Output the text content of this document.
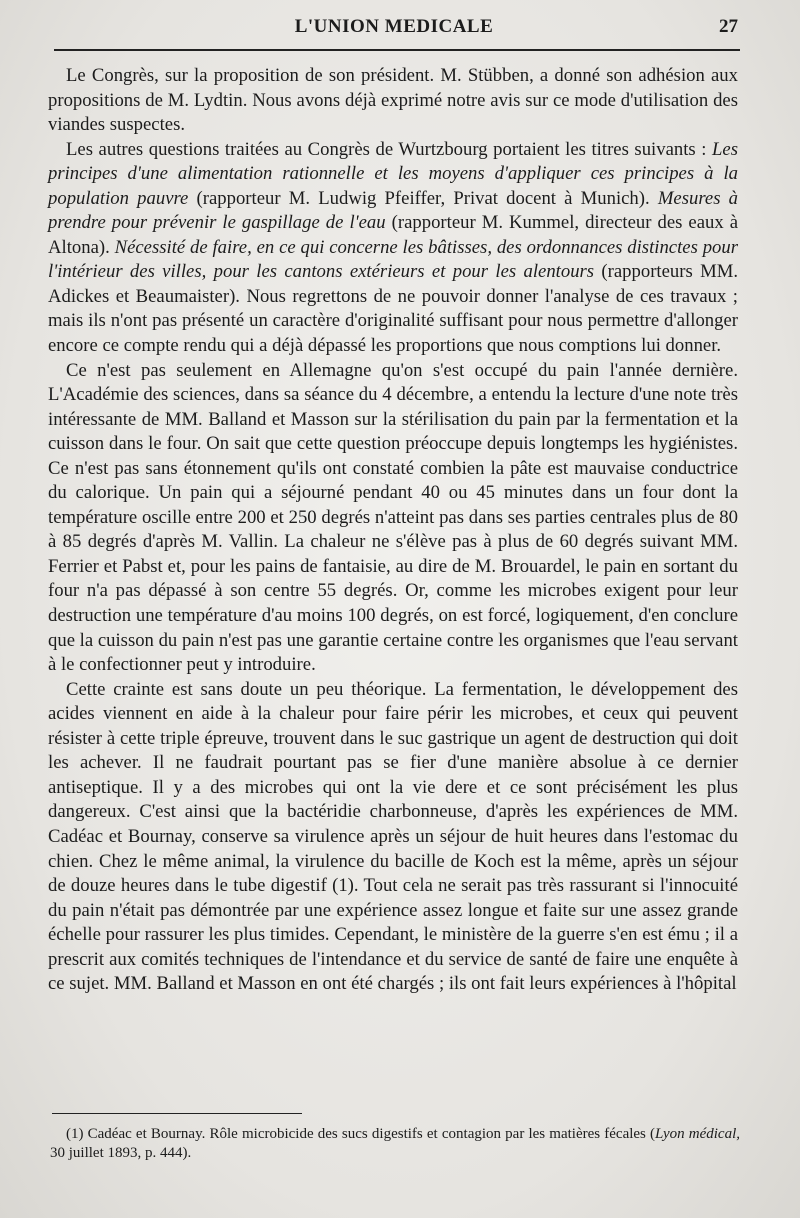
L'UNION MEDICALE	27

Le Congrès, sur la proposition de son président. M. Stübben, a donné son adhésion aux propositions de M. Lydtin. Nous avons déjà exprimé notre avis sur ce mode d'utilisation des viandes suspectes.

Les autres questions traitées au Congrès de Wurtzbourg portaient les titres suivants : Les principes d'une alimentation rationnelle et les moyens d'appliquer ces principes à la population pauvre (rapporteur M. Ludwig Pfeiffer, Privat docent à Munich). Mesures à prendre pour prévenir le gaspillage de l'eau (rapporteur M. Kummel, directeur des eaux à Altona). Nécessité de faire, en ce qui concerne les bâtisses, des ordonnances distinctes pour l'intérieur des villes, pour les cantons extérieurs et pour les alentours (rapporteurs MM. Adickes et Beaumaister). Nous regrettons de ne pouvoir donner l'analyse de ces travaux ; mais ils n'ont pas présenté un caractère d'originalité suffisant pour nous permettre d'allonger encore ce compte rendu qui a déjà dépassé les proportions que nous comptions lui donner.

Ce n'est pas seulement en Allemagne qu'on s'est occupé du pain l'année dernière. L'Académie des sciences, dans sa séance du 4 décembre, a entendu la lecture d'une note très intéressante de MM. Balland et Masson sur la stérilisation du pain par la fermentation et la cuisson dans le four. On sait que cette question préoccupe depuis longtemps les hygiénistes. Ce n'est pas sans étonnement qu'ils ont constaté combien la pâte est mauvaise conductrice du calorique. Un pain qui a séjourné pendant 40 ou 45 minutes dans un four dont la température oscille entre 200 et 250 degrés n'atteint pas dans ses parties centrales plus de 80 à 85 degrés d'après M. Vallin. La chaleur ne s'élève pas à plus de 60 degrés suivant MM. Ferrier et Pabst et, pour les pains de fantaisie, au dire de M. Brouardel, le pain en sortant du four n'a pas dépassé à son centre 55 degrés. Or, comme les microbes exigent pour leur destruction une température d'au moins 100 degrés, on est forcé, logiquement, d'en conclure que la cuisson du pain n'est pas une garantie certaine contre les organismes que l'eau servant à le confectionner peut y introduire.

Cette crainte est sans doute un peu théorique. La fermentation, le développement des acides viennent en aide à la chaleur pour faire périr les microbes, et ceux qui peuvent résister à cette triple épreuve, trouvent dans le suc gastrique un agent de destruction qui doit les achever. Il ne faudrait pourtant pas se fier d'une manière absolue à ce dernier antiseptique. Il y a des microbes qui ont la vie dere et ce sont précisément les plus dangereux. C'est ainsi que la bactéridie charbonneuse, d'après les expériences de MM. Cadéac et Bournay, conserve sa virulence après un séjour de huit heures dans l'estomac du chien. Chez le même animal, la virulence du bacille de Koch est la même, après un séjour de douze heures dans le tube digestif (1). Tout cela ne serait pas très rassurant si l'innocuité du pain n'était pas démontrée par une expérience assez longue et faite sur une assez grande échelle pour rassurer les plus timides. Cependant, le ministère de la guerre s'en est ému ; il a prescrit aux comités techniques de l'intendance et du service de santé de faire une enquête à ce sujet. MM. Balland et Masson en ont été chargés ; ils ont fait leurs expériences à l'hôpital

(1) Cadéac et Bournay. Rôle microbicide des sucs digestifs et contagion par les matières fécales (Lyon médical, 30 juillet 1893, p. 444).
